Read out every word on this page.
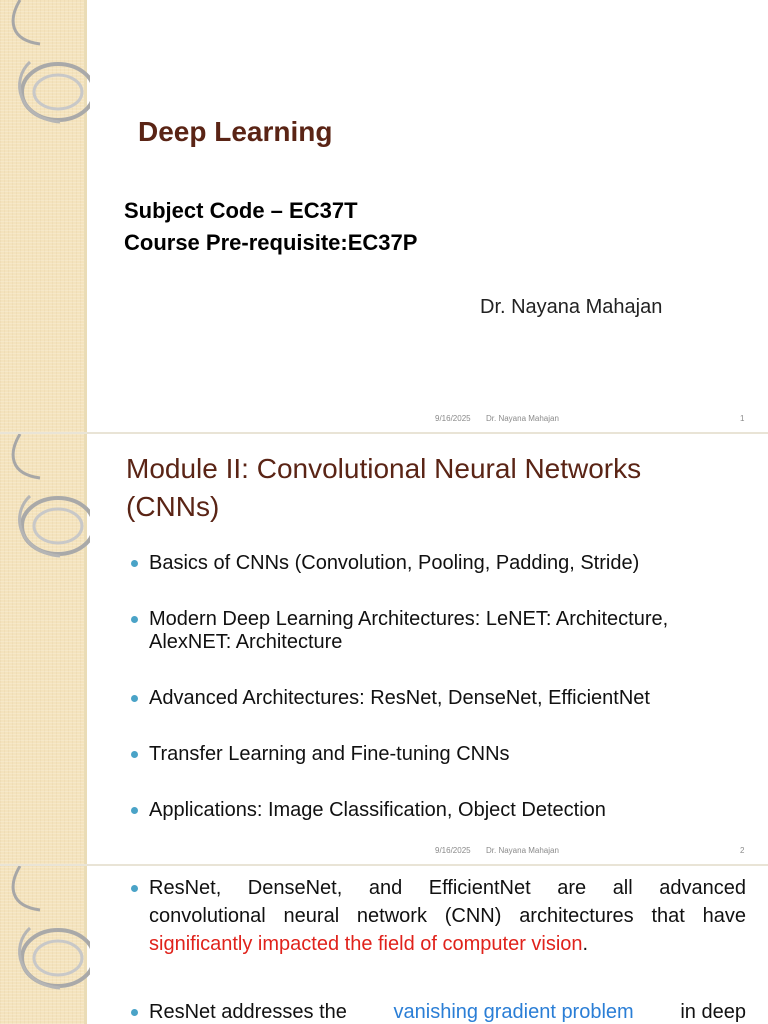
Deep Learning
Subject Code – EC37T
Course Pre-requisite:EC37P
Dr. Nayana Mahajan
9/16/2025 Dr. Nayana Mahajan	1
Module II: Convolutional Neural Networks (CNNs)
Basics of CNNs (Convolution, Pooling, Padding, Stride)
Modern Deep Learning Architectures: LeNET: Architecture, AlexNET: Architecture
Advanced Architectures: ResNet, DenseNet, EfficientNet
Transfer Learning and Fine-tuning CNNs
Applications: Image Classification, Object Detection
9/16/2025 Dr. Nayana Mahajan	2
ResNet, DenseNet, and EfficientNet are all advanced
convolutional neural network (CNN) architectures that have
significantly impacted the field of computer vision.
ResNet addresses the vanishing gradient problem in deep
